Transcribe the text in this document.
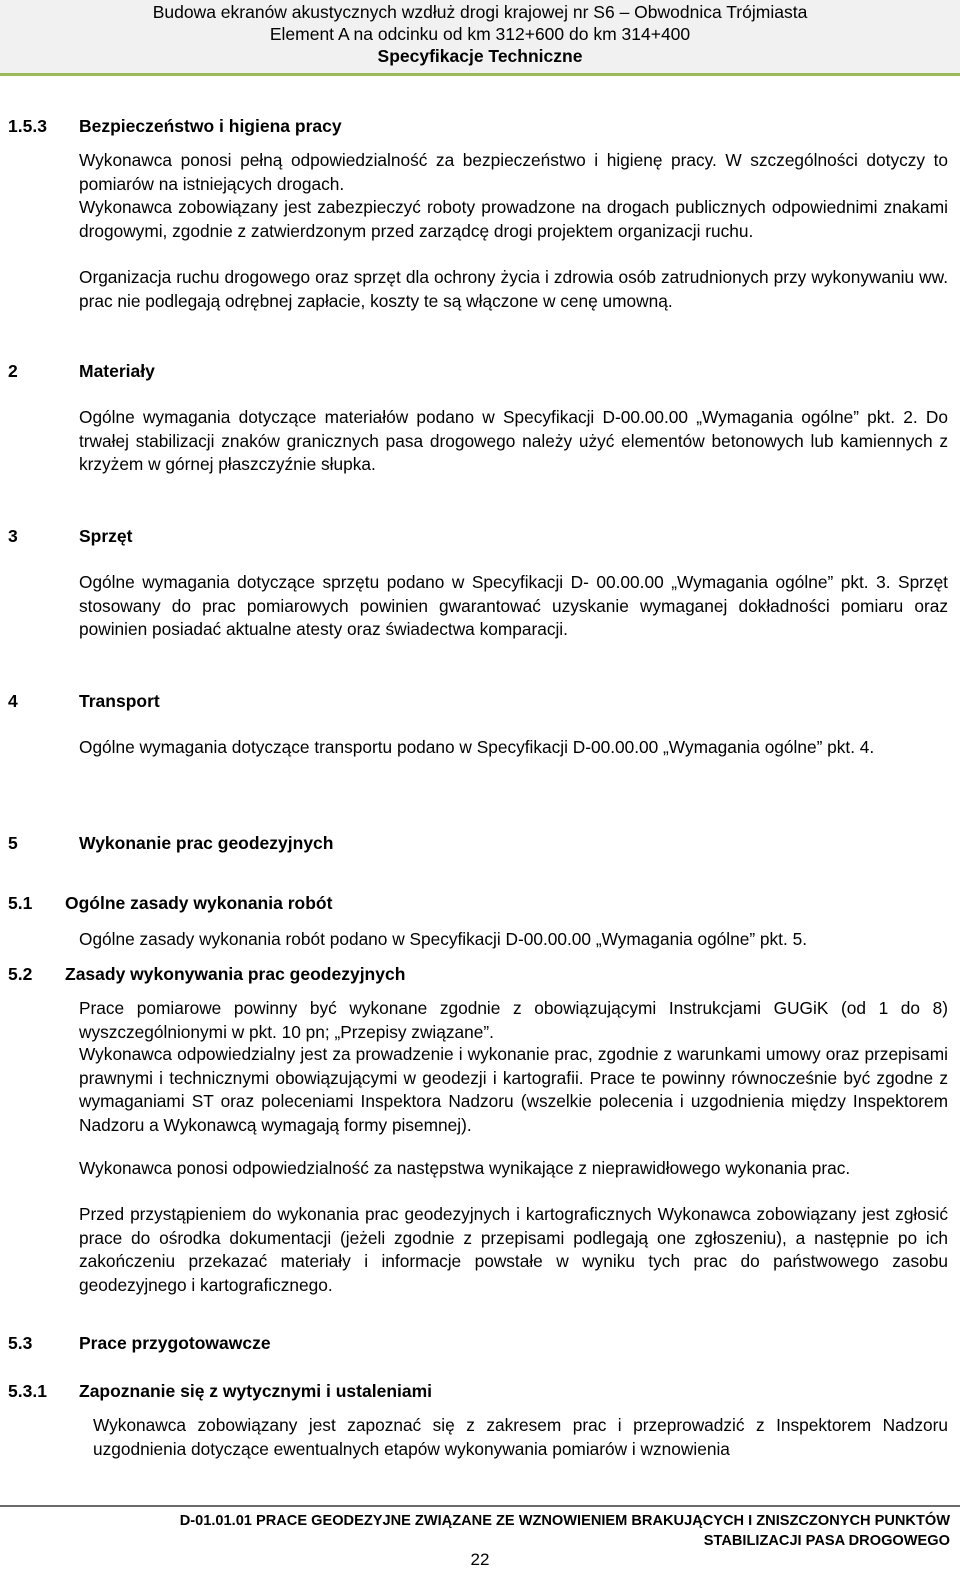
Budowa ekranów akustycznych wzdłuż drogi krajowej nr S6 – Obwodnica Trójmiasta
Element A na odcinku od km 312+600 do km 314+400
Specyfikacje Techniczne
1.5.3 Bezpieczeństwo i higiena pracy
Wykonawca ponosi pełną odpowiedzialność za bezpieczeństwo i higienę pracy. W szczególności dotyczy to pomiarów na istniejących drogach.
Wykonawca zobowiązany jest zabezpieczyć roboty prowadzone na drogach publicznych odpowiednimi znakami drogowymi, zgodnie z zatwierdzonym przed zarządcę drogi projektem organizacji ruchu.
Organizacja ruchu drogowego oraz sprzęt dla ochrony życia i zdrowia osób zatrudnionych przy wykonywaniu ww. prac nie podlegają odrębnej zapłacie, koszty te są włączone w cenę umowną.
2	Materiały
Ogólne wymagania dotyczące materiałów podano w Specyfikacji D-00.00.00 „Wymagania ogólne” pkt. 2. Do trwałej stabilizacji znaków granicznych pasa drogowego należy użyć elementów betonowych lub kamiennych z krzyżem w górnej płaszczyźnie słupka.
3	Sprzęt
Ogólne wymagania dotyczące sprzętu podano w Specyfikacji D- 00.00.00 „Wymagania ogólne” pkt. 3. Sprzęt stosowany do prac pomiarowych powinien gwarantować uzyskanie wymaganej dokładności pomiaru oraz powinien posiadać aktualne atesty oraz świadectwa komparacji.
4	Transport
Ogólne wymagania dotyczące transportu podano w Specyfikacji D-00.00.00 „Wymagania ogólne” pkt. 4.
5	Wykonanie prac geodezyjnych
5.1 Ogólne zasady wykonania robót
Ogólne zasady wykonania robót podano w Specyfikacji D-00.00.00 „Wymagania ogólne” pkt. 5.
5.2 Zasady wykonywania prac geodezyjnych
Prace pomiarowe powinny być wykonane zgodnie z obowiązującymi Instrukcjami GUGiK (od 1 do 8) wyszczególnionymi w pkt. 10 pn; „Przepisy związane”.
Wykonawca odpowiedzialny jest za prowadzenie i wykonanie prac, zgodnie z warunkami umowy oraz przepisami prawnymi i technicznymi obowiązującymi w geodezji i kartografii. Prace te powinny równocześnie być zgodne z wymaganiami ST oraz poleceniami Inspektora Nadzoru (wszelkie polecenia i uzgodnienia między Inspektorem Nadzoru a Wykonawcą wymagają formy pisemnej).
Wykonawca ponosi odpowiedzialność za następstwa wynikające z nieprawidłowego wykonania prac.
Przed przystąpieniem do wykonania prac geodezyjnych i kartograficznych Wykonawca zobowiązany jest zgłosić prace do ośrodka dokumentacji (jeżeli zgodnie z przepisami podlegają one zgłoszeniu), a następnie po ich zakończeniu przekazać materiały i informacje powstałe w wyniku tych prac do państwowego zasobu geodezyjnego i kartograficznego.
5.3	Prace przygotowawcze
5.3.1 Zapoznanie się z wytycznymi i ustaleniami
Wykonawca zobowiązany jest zapoznać się z zakresem prac i przeprowadzić z Inspektorem Nadzoru uzgodnienia dotyczące ewentualnych etapów wykonywania pomiarów i wznowienia
D-01.01.01 PRACE GEODEZYJNE ZWIĄZANE ZE WZNOWIENIEM BRAKUJĄCYCH I ZNISZCZONYCH PUNKTÓW
STABILIZACJI PASA DROGOWEGO
22
